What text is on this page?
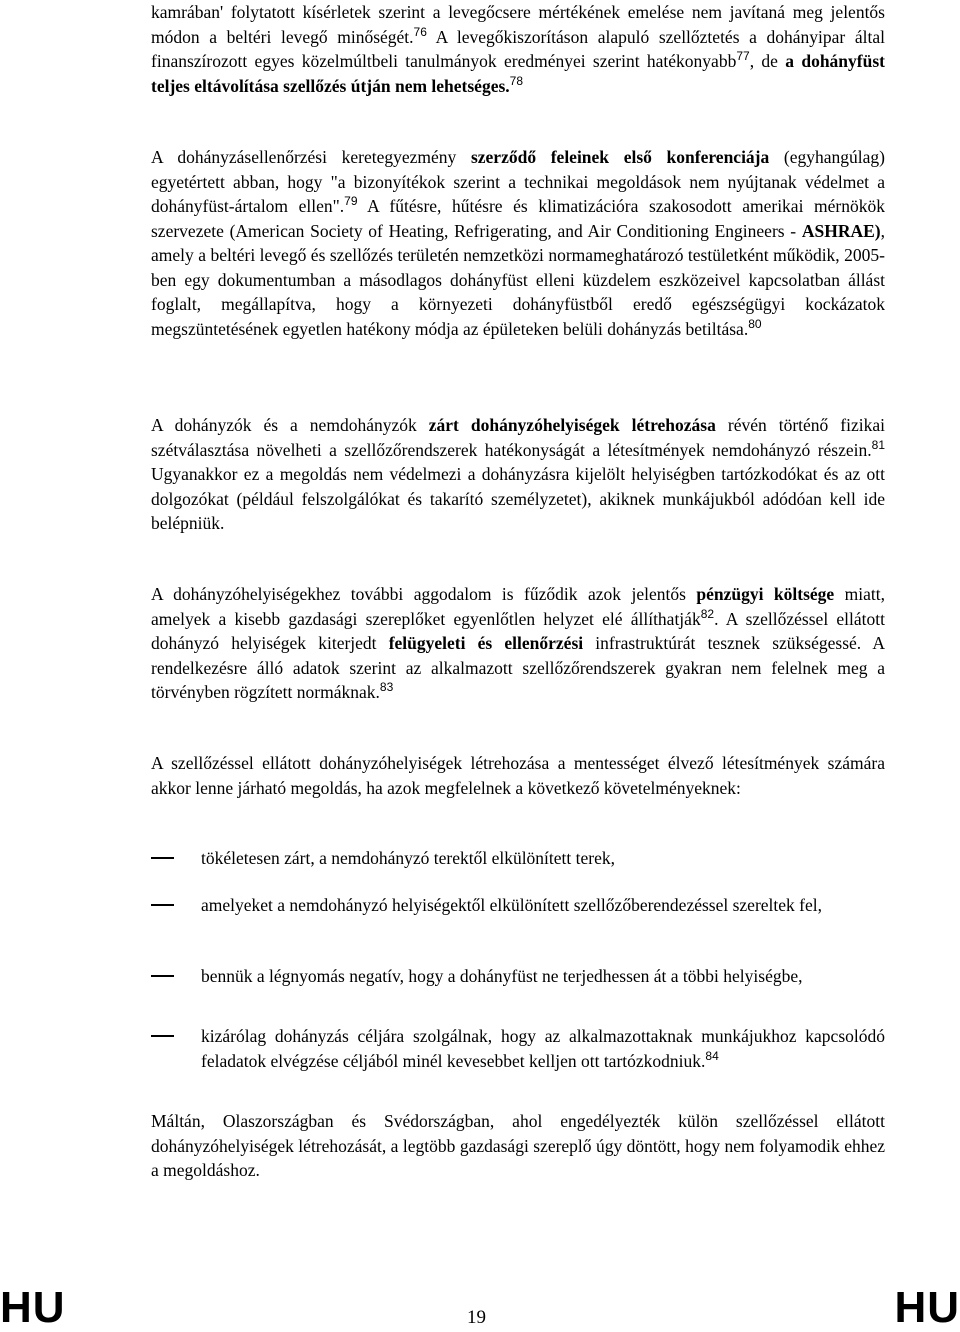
kamrában' folytatott kísérletek szerint a levegőcsere mértékének emelése nem javítaná meg jelentős módon a beltéri levegő minőségét.$^{76}$ A levegőkiszorításon alapuló szellőztetés a dohányipar által finanszírozott egyes közelmúltbeli tanulmányok eredményei szerint hatékonyabb$^{77}$, de a dohányfüst teljes eltávolítása szellőzés útján nem lehetséges.$^{78}$

A dohányzásellenőrzési keretegyezmény szerződő feleinek első konferenciája (egyhangúlag) egyetértett abban, hogy "a bizonyítékok szerint a technikai megoldások nem nyújtanak védelmet a dohányfüst-ártalom ellen".$^{79}$ A fűtésre, hűtésre és klimatizációra szakosodott amerikai mérnökök szervezete (American Society of Heating, Refrigerating, and Air Conditioning Engineers - ASHRAE), amely a beltéri levegő és szellőzés területén nemzetközi normameghatározó testületként működik, 2005-ben egy dokumentumban a másodlagos dohányfüst elleni küzdelem eszközeivel kapcsolatban állást foglalt, megállapítva, hogy a környezeti dohányfüstből eredő egészségügyi kockázatok megszüntetésének egyetlen hatékony módja az épületeken belüli dohányzás betiltása.$^{80}$

A dohányzók és a nemdohányzók zárt dohányzóhelyiségek létrehozása révén történő fizikai szétválasztása növelheti a szellőzőrendszerek hatékonyságát a létesítmények nemdohányzó részein.$^{81}$ Ugyanakkor ez a megoldás nem védelmezi a dohányzásra kijelölt helyiségben tartózkodókat és az ott dolgozókat (például felszolgálókat és takarító személyzetet), akiknek munkájukból adódóan kell ide belépniük.

A dohányzóhelyiségekhez további aggodalom is fűződik azok jelentős pénzügyi költsége miatt, amelyek a kisebb gazdasági szereplőket egyenlőtlen helyzet elé állíthatják$^{82}$. A szellőzéssel ellátott dohányzó helyiségek kiterjedt felügyeleti és ellenőrzési infrastruktúrát tesznek szükségessé. A rendelkezésre álló adatok szerint az alkalmazott szellőzőrendszerek gyakran nem felelnek meg a törvényben rögzített normáknak.$^{83}$

A szellőzéssel ellátott dohányzóhelyiségek létrehozása a mentességet élvező létesítmények számára akkor lenne járható megoldás, ha azok megfelelnek a következő követelményeknek:

tökéletesen zárt, a nemdohányzó terektől elkülönített terek,

amelyeket a nemdohányzó helyiségektől elkülönített szellőzőberendezéssel szereltek fel,

bennük a légnyomás negatív, hogy a dohányfüst ne terjedhessen át a többi helyiségbe,

kizárólag dohányzás céljára szolgálnak, hogy az alkalmazottaknak munkájukhoz kapcsolódó feladatok elvégzése céljából minél kevesebbet kelljen ott tartózkodniuk.$^{84}$

Máltán, Olaszországban és Svédországban, ahol engedélyezték külön szellőzéssel ellátott dohányzóhelyiségek létrehozását, a legtöbb gazdasági szereplő úgy döntött, hogy nem folyamodik ehhez a megoldáshoz.

HU	19	HU
